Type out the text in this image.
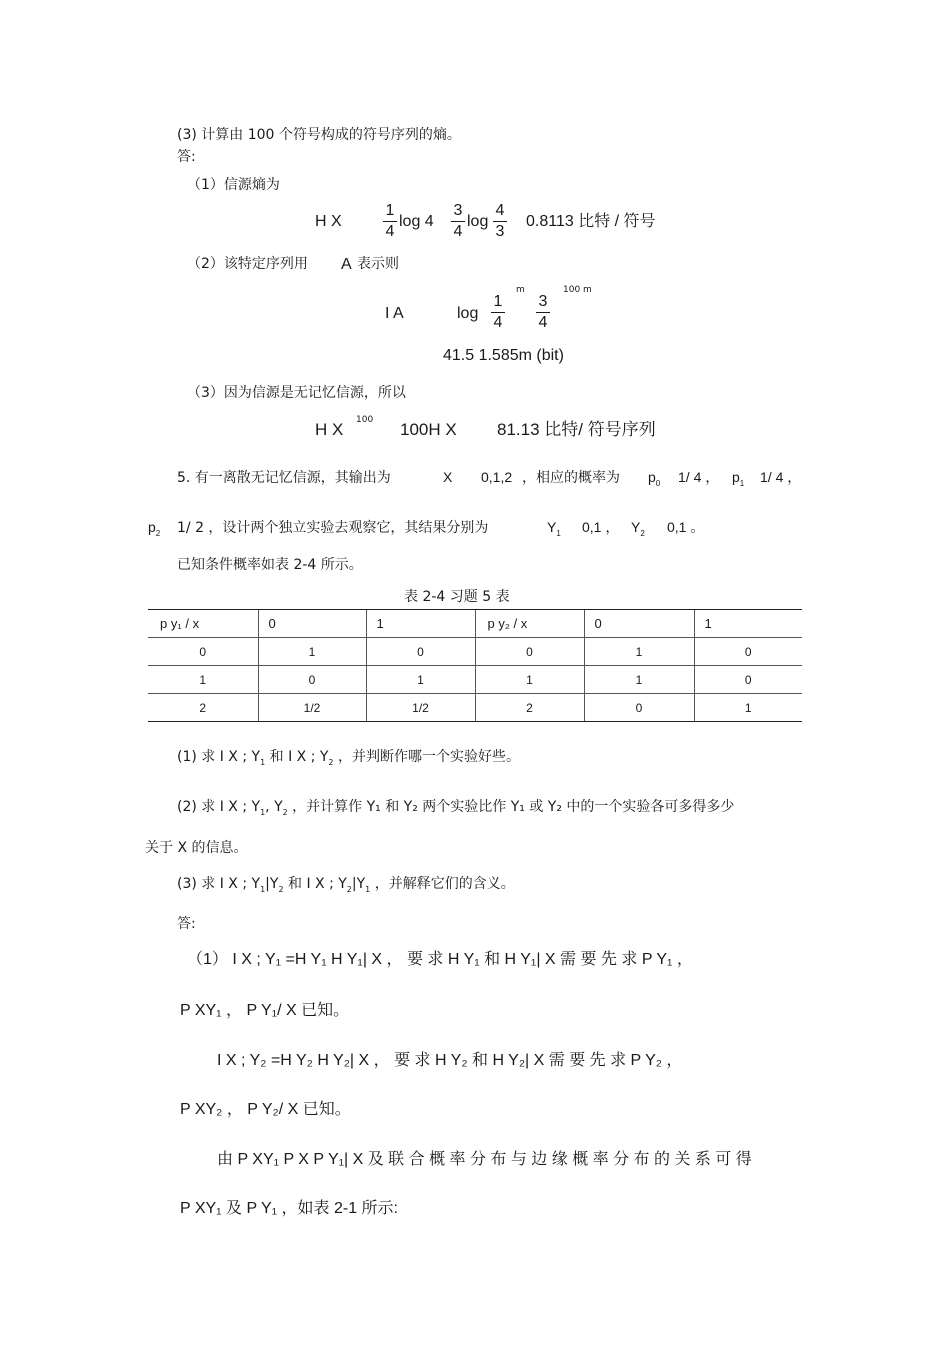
(3) 计算由 100 个符号构成的符号序列的熵。
答:
（1）信源熵为
H X
1
4
log 4
3
4
log
4
3
0.8113 比特 / 符号
（2）该特定序列用 A 表示则
I A	log
1
4
m
3
4
100 m
41.5 1.585m (bit)
（3）因为信源是无记忆信源，所以
H X 100 100H X 81.13 比特/ 符号序列
5. 有一离散无记忆信源，其输出为	X 0,1,2 ，相应的概率为 $p_0$ 1/ 4 ， $p_1$ 1/ 4 ，
$p_2$ 1/ 2 ，设计两个独立实验去观察它，其结果分别为	$Y_1$ 0,1 ， $Y_2$ 0,1 。
已知条件概率如表 2-4 所示。
表 2-4 习题 5 表
p y₁ / x	0	1	p y₂ / x	0	1
0	1	0	0	1	0
1	0	1	1	1	0
2	1/2	1/2	2	0	1
(1) 求 I X ; $Y_1$ 和 I X ; $Y_2$ ，并判断作哪一个实验好些。
(2) 求 I X ; $Y_1$, $Y_2$ ，并计算作 Y₁ 和 Y₂ 两个实验比作 Y₁ 或 Y₂ 中的一个实验各可多得多少
关于 X 的信息。
(3) 求 I X ; $Y_1|Y_2$ 和 I X ; $Y_2|Y_1$ ，并解释它们的含义。
答:
（1） I X ; Y₁ =H Y₁ H Y₁| X ， 要 求 H Y₁ 和 H Y₁| X 需 要 先 求 P Y₁ ，
P XY₁ ， P Y₁/ X 已知。
I X ; Y₂ =H Y₂ H Y₂| X ， 要 求 H Y₂ 和 H Y₂| X 需 要 先 求 P Y₂ ，
P XY₂ ， P Y₂/ X 已知。
由 P XY₁ P X P Y₁| X 及 联 合 概 率 分 布 与 边 缘 概 率 分 布 的 关 系 可 得
P XY₁ 及 P Y₁ ，如表 2-1 所示:
